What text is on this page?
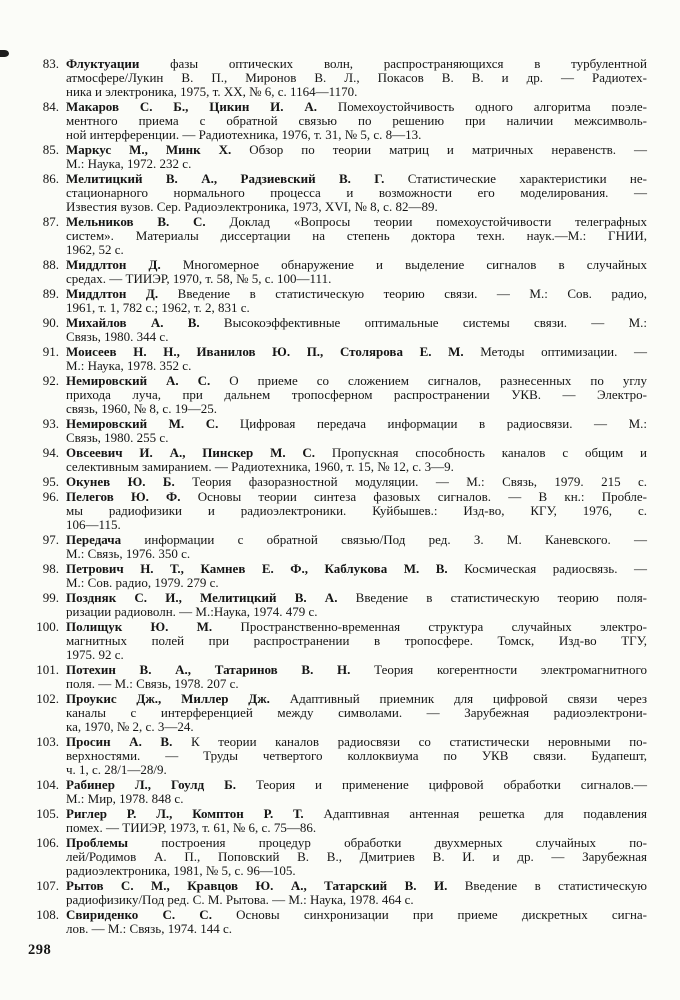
83. Флуктуации фазы оптических волн, распространяющихся в турбулентной
атмосфере/Лукин В. П., Миронов В. Л., Покасов В. В. и др. — Радиотех-
ника и электроника, 1975, т. XX, № 6, с. 1164—1170.
84. Макаров С. Б., Цикин И. А. Помехоустойчивость одного алгоритма поэле-
ментного приема с обратной связью по решению при наличии межсимволь-
ной интерференции. — Радиотехника, 1976, т. 31, № 5, с. 8—13.
85. Маркус М., Минк Х. Обзор по теории матриц и матричных неравенств. —
М.: Наука, 1972. 232 с.
86. Мелитицкий В. А., Радзиевский В. Г. Статистические характеристики не-
стационарного нормального процесса и возможности его моделирования. —
Известия вузов. Сер. Радиоэлектроника, 1973, XVI, № 8, с. 82—89.
87. Мельников В. С. Доклад «Вопросы теории помехоустойчивости телеграфных
систем». Материалы диссертации на степень доктора техн. наук.—М.: ГНИИ,
1962, 52 с.
88. Миддлтон Д. Многомерное обнаружение и выделение сигналов в случайных
средах. — ТИИЭР, 1970, т. 58, № 5, с. 100—111.
89. Миддлтон Д. Введение в статистическую теорию связи. — М.: Сов. радио,
1961, т. 1, 782 с.; 1962, т. 2, 831 с.
90. Михайлов А. В. Высокоэффективные оптимальные системы связи. — М.:
Связь, 1980. 344 с.
91. Моисеев Н. Н., Иванилов Ю. П., Столярова Е. М. Методы оптимизации. —
М.: Наука, 1978. 352 с.
92. Немировский А. С. О приеме со сложением сигналов, разнесенных по углу
прихода луча, при дальнем тропосферном распространении УКВ. — Электро-
связь, 1960, № 8, с. 19—25.
93. Немировский М. С. Цифровая передача информации в радиосвязи. — М.:
Связь, 1980. 255 с.
94. Овсеевич И. А., Пинскер М. С. Пропускная способность каналов с общим и
селективным замиранием. — Радиотехника, 1960, т. 15, № 12, с. 3—9.
95. Окунев Ю. Б. Теория фазоразностной модуляции. — М.: Связь, 1979. 215 с.
96. Пелегов Ю. Ф. Основы теории синтеза фазовых сигналов. — В кн.: Пробле-
мы радиофизики и радиоэлектроники. Куйбышев.: Изд-во, КГУ, 1976, с.
106—115.
97. Передача информации с обратной связью/Под ред. З. М. Каневского. —
М.: Связь, 1976. 350 с.
98. Петрович Н. Т., Камнев Е. Ф., Каблукова М. В. Космическая радиосвязь. —
М.: Сов. радио, 1979. 279 с.
99. Поздняк С. И., Мелитицкий В. А. Введение в статистическую теорию поля-
ризации радиоволн. — М.:Наука, 1974. 479 с.
100. Полищук Ю. М. Пространственно-временная структура случайных электро-
магнитных полей при распространении в тропосфере. Томск, Изд-во ТГУ,
1975. 92 с.
101. Потехин В. А., Татаринов В. Н. Теория когерентности электромагнитного
поля. — М.: Связь, 1978. 207 с.
102. Проукис Дж., Миллер Дж. Адаптивный приемник для цифровой связи через
каналы с интерференцией между символами. — Зарубежная радиоэлектрони-
ка, 1970, № 2, с. 3—24.
103. Просин А. В. К теории каналов радиосвязи со статистически неровными по-
верхностями. — Труды четвертого коллоквиума по УКВ связи. Будапешт,
ч. 1, с. 28/1—28/9.
104. Рабинер Л., Гоулд Б. Теория и применение цифровой обработки сигналов.—
М.: Мир, 1978. 848 с.
105. Риглер Р. Л., Комптон Р. Т. Адаптивная антенная решетка для подавления
помех. — ТИИЭР, 1973, т. 61, № 6, с. 75—86.
106. Проблемы	построения процедур обработки двухмерных случайных по-
лей/Родимов А. П., Поповский В. В., Дмитриев В. И. и др. — Зарубежная
радиоэлектроника, 1981, № 5, с. 96—105.
107. Рытов С. М., Кравцов Ю. А., Татарский В. И. Введение в статистическую
радиофизику/Под ред. С. М. Рытова. — М.: Наука, 1978. 464 с.
108. Свириденко С. С. Основы синхронизации при приеме дискретных сигна-
лов. — М.: Связь, 1974. 144 с.
298
